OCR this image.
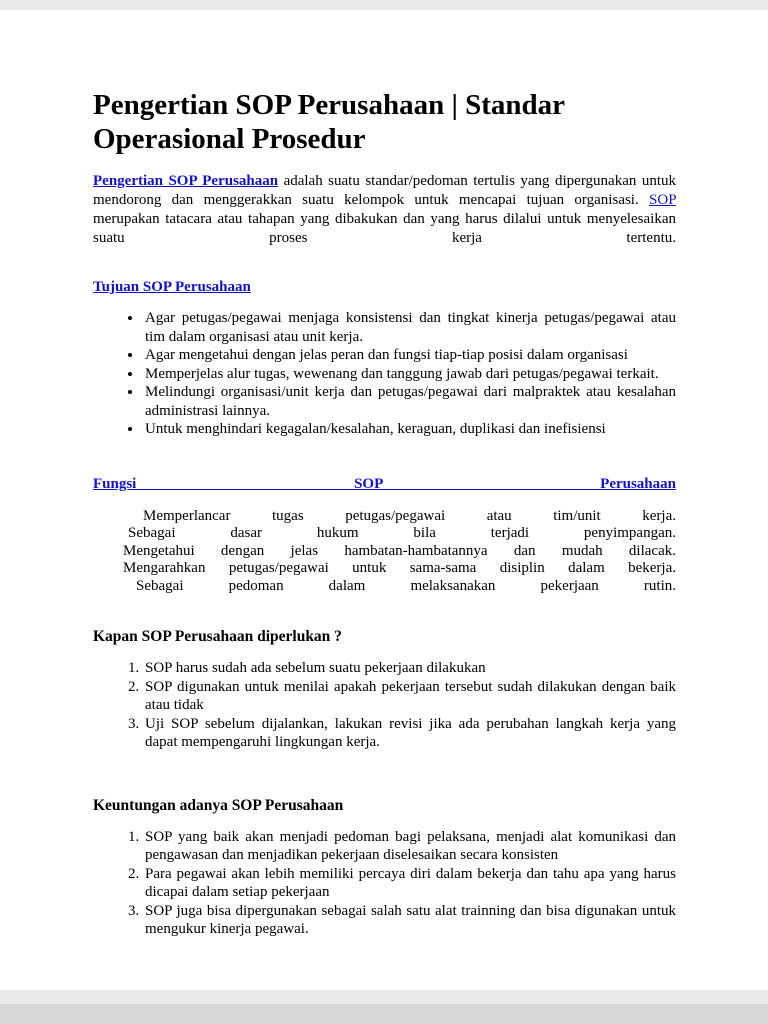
Pengertian SOP Perusahaan | Standar Operasional Prosedur

Pengertian SOP Perusahaan adalah suatu standar/pedoman tertulis yang dipergunakan untuk mendorong dan menggerakkan suatu kelompok untuk mencapai tujuan organisasi. SOP merupakan tatacara atau tahapan yang dibakukan dan yang harus dilalui untuk menyelesaikan suatu proses kerja tertentu.

Tujuan SOP Perusahaan
• Agar petugas/pegawai menjaga konsistensi dan tingkat kinerja petugas/pegawai atau tim dalam organisasi atau unit kerja.
• Agar mengetahui dengan jelas peran dan fungsi tiap-tiap posisi dalam organisasi
• Memperjelas alur tugas, wewenang dan tanggung jawab dari petugas/pegawai terkait.
• Melindungi organisasi/unit kerja dan petugas/pegawai dari malpraktek atau kesalahan administrasi lainnya.
• Untuk menghindari kegagalan/kesalahan, keraguan, duplikasi dan inefisiensi
Fungsi SOP Perusahaan
Memperlancar tugas petugas/pegawai atau tim/unit kerja.
Sebagai dasar hukum bila terjadi penyimpangan.
Mengetahui dengan jelas hambatan-hambatannya dan mudah dilacak.
Mengarahkan petugas/pegawai untuk sama-sama disiplin dalam bekerja.
Sebagai pedoman dalam melaksanakan pekerjaan rutin.
Kapan SOP Perusahaan diperlukan ?
1. SOP harus sudah ada sebelum suatu pekerjaan dilakukan
2. SOP digunakan untuk menilai apakah pekerjaan tersebut sudah dilakukan dengan baik atau tidak
3. Uji SOP sebelum dijalankan, lakukan revisi jika ada perubahan langkah kerja yang dapat mempengaruhi lingkungan kerja.
Keuntungan adanya SOP Perusahaan
1. SOP yang baik akan menjadi pedoman bagi pelaksana, menjadi alat komunikasi dan pengawasan dan menjadikan pekerjaan diselesaikan secara konsisten
2. Para pegawai akan lebih memiliki percaya diri dalam bekerja dan tahu apa yang harus dicapai dalam setiap pekerjaan
3. SOP juga bisa dipergunakan sebagai salah satu alat trainning dan bisa digunakan untuk mengukur kinerja pegawai.
